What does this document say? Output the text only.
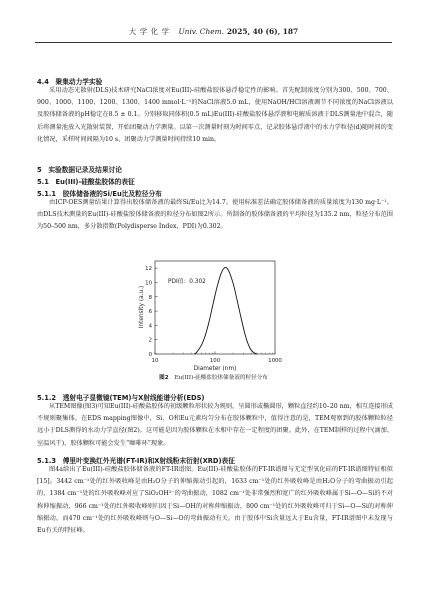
大 学 化 学 Univ. Chem. 2025, 40 (6), 187
4.4　聚集动力学实验
采用动态光散射(DLS)技术研究NaCl浓度对Eu(III)-硅酸盐胶体悬浮稳定性的影响。首先配制浓度分别为300、500、700、900、1000、1100、1200、1300、1400 mmol·L⁻¹的NaCl溶液5.0 mL，使用NaOH/HCl溶液调节不同浓度的NaCl溶液以及胶体储备液的pH稳定在8.5 ± 0.1。分别移取同体积(0.5 mL)Eu(III)-硅酸盐胶体悬浮液和电解质溶液于DLS测量池中混合，随后将测量池放入光散射装置，开始团聚动力学测量。以第一次测量时刻为时间零点，记录胶体悬浮液中的水力学粒径(d)随时间的变化情况，采样时间间隔为10 s，团聚动力学测量时间持续10 min。
5　实验数据记录及结果讨论
5.1　Eu(III)-硅酸盐胶体的表征
5.1.1　胶体储备液的Si/Eu比及粒径分布
由ICP-OES测量结果计算得出胶体储备液的最终Si/Eu比为14.7。使用标准差法确定胶体储备液的质量浓度为130 mg·L⁻¹。由DLS技术测量的Eu(III)-硅酸盐胶体储备液的粒径分布如图2所示。所制备的胶体储备液的平均粒径为135.2 nm，粒径分布范围为50–500 nm，多分散指数(Polydisperse Index，PDI)为0.302。
0
2
4
6
8
10
12
10	100	1000
PDI值：0.302
Diameter (nm)
Intensity (a.u.)
图2 Eu(III)-硅酸盐胶体储备液的粒径分布
5.1.2　透射电子显微镜(TEM)与X射线能谱分析(EDS)
从TEM图像(图3)可知Eu(III)-硅酸盐胶体的初级颗粒形状较为规则，呈圆形或椭圆形，颗粒直径约10–20 nm，相互连接形成不规则聚集体。在EDS mapping图像中，Si、O和Eu元素均匀分布在胶体颗粒中，值得注意的是，TEM观察到的胶体颗粒粒径远小于DLS测得的水动力学直径(图2)。这可能是因为胶体颗粒在水相中存在一定程度的团聚。此外，在TEM制样的过程中(滴加、室温风干)，胶体颗粒可能会发生“咖啡环”现象。
5.1.3　傅里叶变换红外光谱(FT-IR)和X射线粉末衍射(XRD)表征
图4a给出了Eu(III)-硅酸盐胶体储备液的FT-IR谱图。Eu(III)-硅酸盐胶体的FT-IR谱图与无定型氧化硅的FT-IR谱图特征相似[15]。3442 cm⁻¹处的红外吸收峰是由H₂O分子的伸缩振动引起的，1633 cm⁻¹处的红外吸收峰是由H₂O分子的弯曲振动引起的，1384 cm⁻¹处的红外吸收峰对应了SiO₃OH²⁻的弯曲振动，1082 cm⁻¹处非常强烈和宽广的红外吸收峰属于Si—O—Si的不对称伸缩振动，966 cm⁻¹处的红外吸收峰则归因于Si—OH的对称伸缩振动，800 cm⁻¹处的红外吸收峰可归于Si—O—Si的对称伸缩振动，而470 cm⁻¹处的红外吸收峰则与O—Si—O的弯曲振动有关。由于胶体中Si含量远大于Eu含量，FT-IR谱图中未发现与Eu有关的特征峰。
